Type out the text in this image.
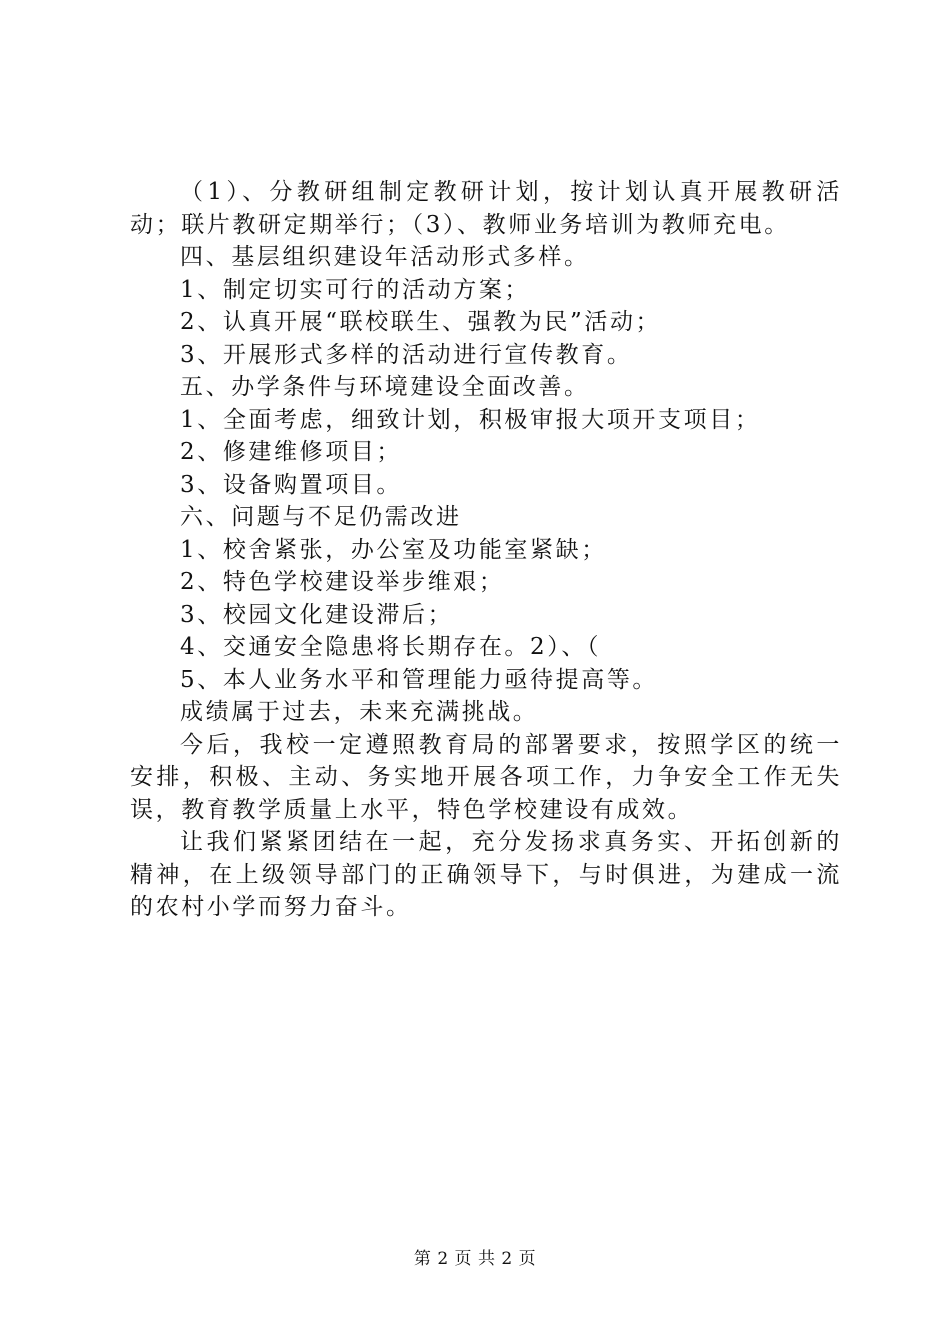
（1）、分教研组制定教研计划，按计划认真开展教研活动；联片教研定期举行；（3）、教师业务培训为教师充电。

四、基层组织建设年活动形式多样。

1、制定切实可行的活动方案；

2、认真开展“联校联生、强教为民”活动；

3、开展形式多样的活动进行宣传教育。

五、办学条件与环境建设全面改善。

1、全面考虑，细致计划，积极审报大项开支项目；

2、修建维修项目；

3、设备购置项目。

六、问题与不足仍需改进

1、校舍紧张，办公室及功能室紧缺；

2、特色学校建设举步维艰；

3、校园文化建设滞后；

4、交通安全隐患将长期存在。2）、（

5、本人业务水平和管理能力亟待提高等。

成绩属于过去，未来充满挑战。

今后，我校一定遵照教育局的部署要求，按照学区的统一安排，积极、主动、务实地开展各项工作，力争安全工作无失误，教育教学质量上水平，特色学校建设有成效。

让我们紧紧团结在一起，充分发扬求真务实、开拓创新的精神，在上级领导部门的正确领导下，与时俱进，为建成一流的农村小学而努力奋斗。

第 2 页 共 2 页
